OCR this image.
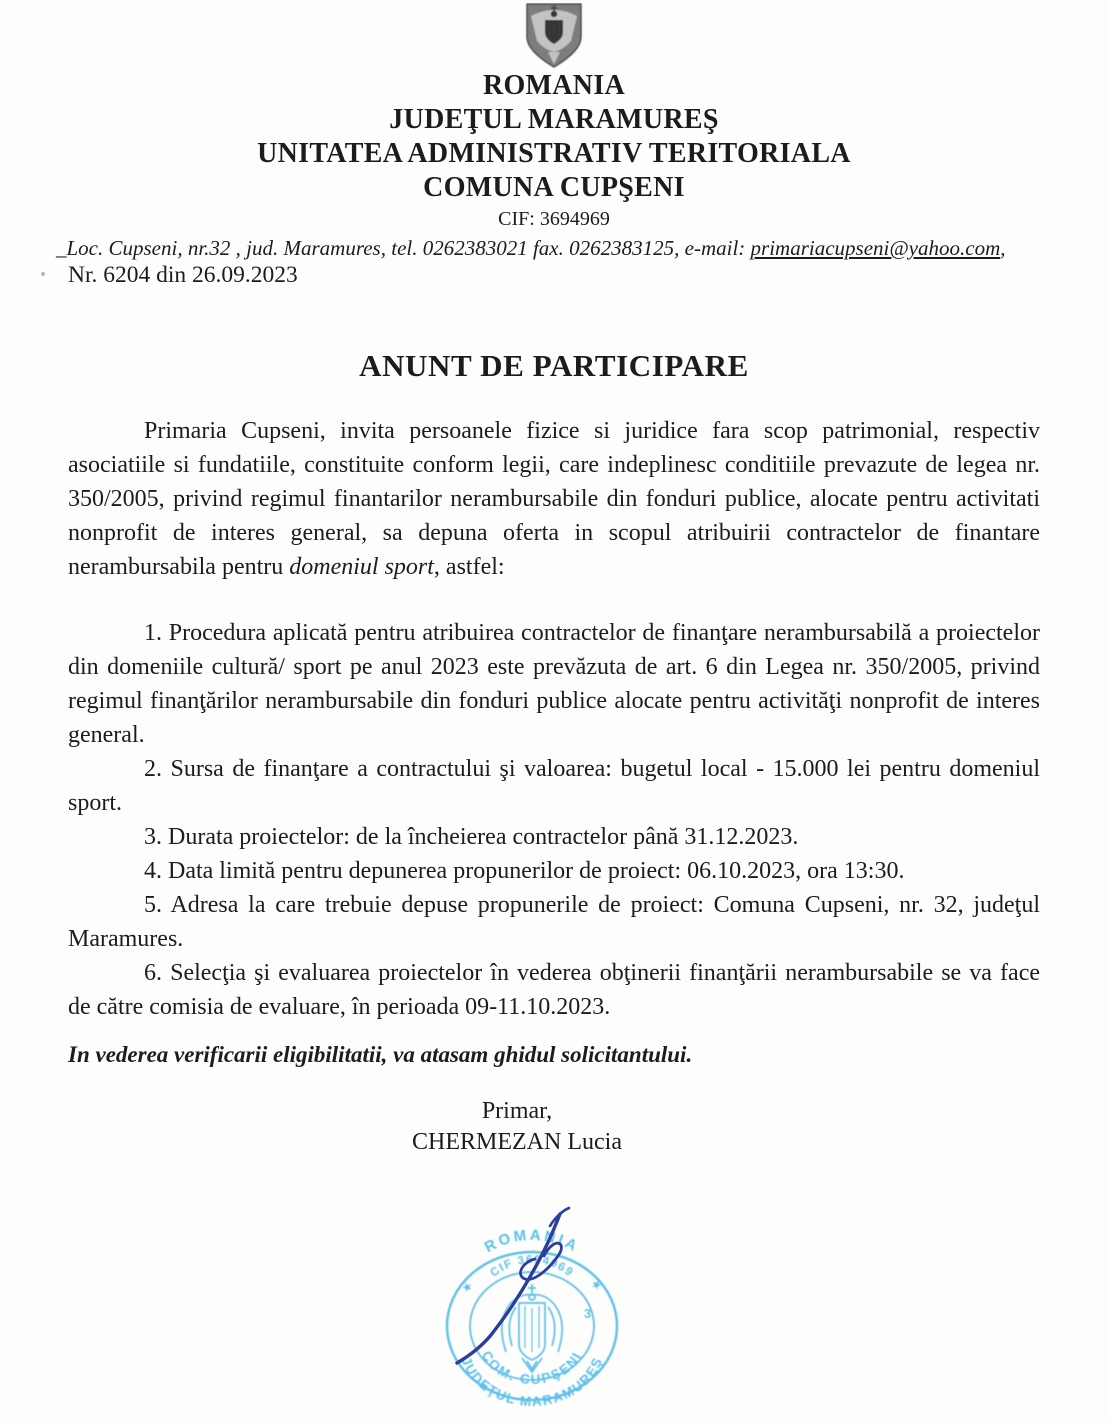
ROMANIA
JUDEŢUL MARAMUREŞ
UNITATEA ADMINISTRATIV TERITORIALA
COMUNA CUPŞENI
CIF: 3694969
_Loc. Cupseni, nr.32 , jud. Maramures, tel. 0262383021 fax. 0262383125, e-mail: primariacupseni@yahoo.com,
Nr. 6204 din 26.09.2023
ANUNT DE PARTICIPARE

Primaria Cupseni, invita persoanele fizice si juridice fara scop patrimonial, respectiv asociatiile si fundatiile, constituite conform legii, care indeplinesc conditiile prevazute de legea nr. 350/2005, privind regimul finantarilor nerambursabile din fonduri publice, alocate pentru activitati nonprofit de interes general, sa depuna oferta in scopul atribuirii contractelor de finantare nerambursabila pentru domeniul sport, astfel:

1. Procedura aplicată pentru atribuirea contractelor de finanţare nerambursabilă a proiectelor din domeniile cultură/ sport pe anul 2023 este prevăzuta de art. 6 din Legea nr. 350/2005, privind regimul finanţărilor nerambursabile din fonduri publice alocate pentru activităţi nonprofit de interes general.

2. Sursa de finanţare a contractului şi valoarea: bugetul local - 15.000 lei pentru domeniul sport.

3. Durata proiectelor: de la încheierea contractelor până 31.12.2023.

4. Data limită pentru depunerea propunerilor de proiect: 06.10.2023, ora 13:30.

5. Adresa la care trebuie depuse propunerile de proiect: Comuna Cupseni, nr. 32, judeţul Maramures.

6. Selecţia şi evaluarea proiectelor în vederea obţinerii finanţării nerambursabile se va face de către comisia de evaluare, în perioada 09-11.10.2023.

In vederea verificarii eligibilitatii, va atasam ghidul solicitantului.
Primar,
CHERMEZAN Lucia
ROMANIA
CIF 3694969
COM. CUPŞENI
JUDEŢUL MARAMUREŞ
★	★
3
